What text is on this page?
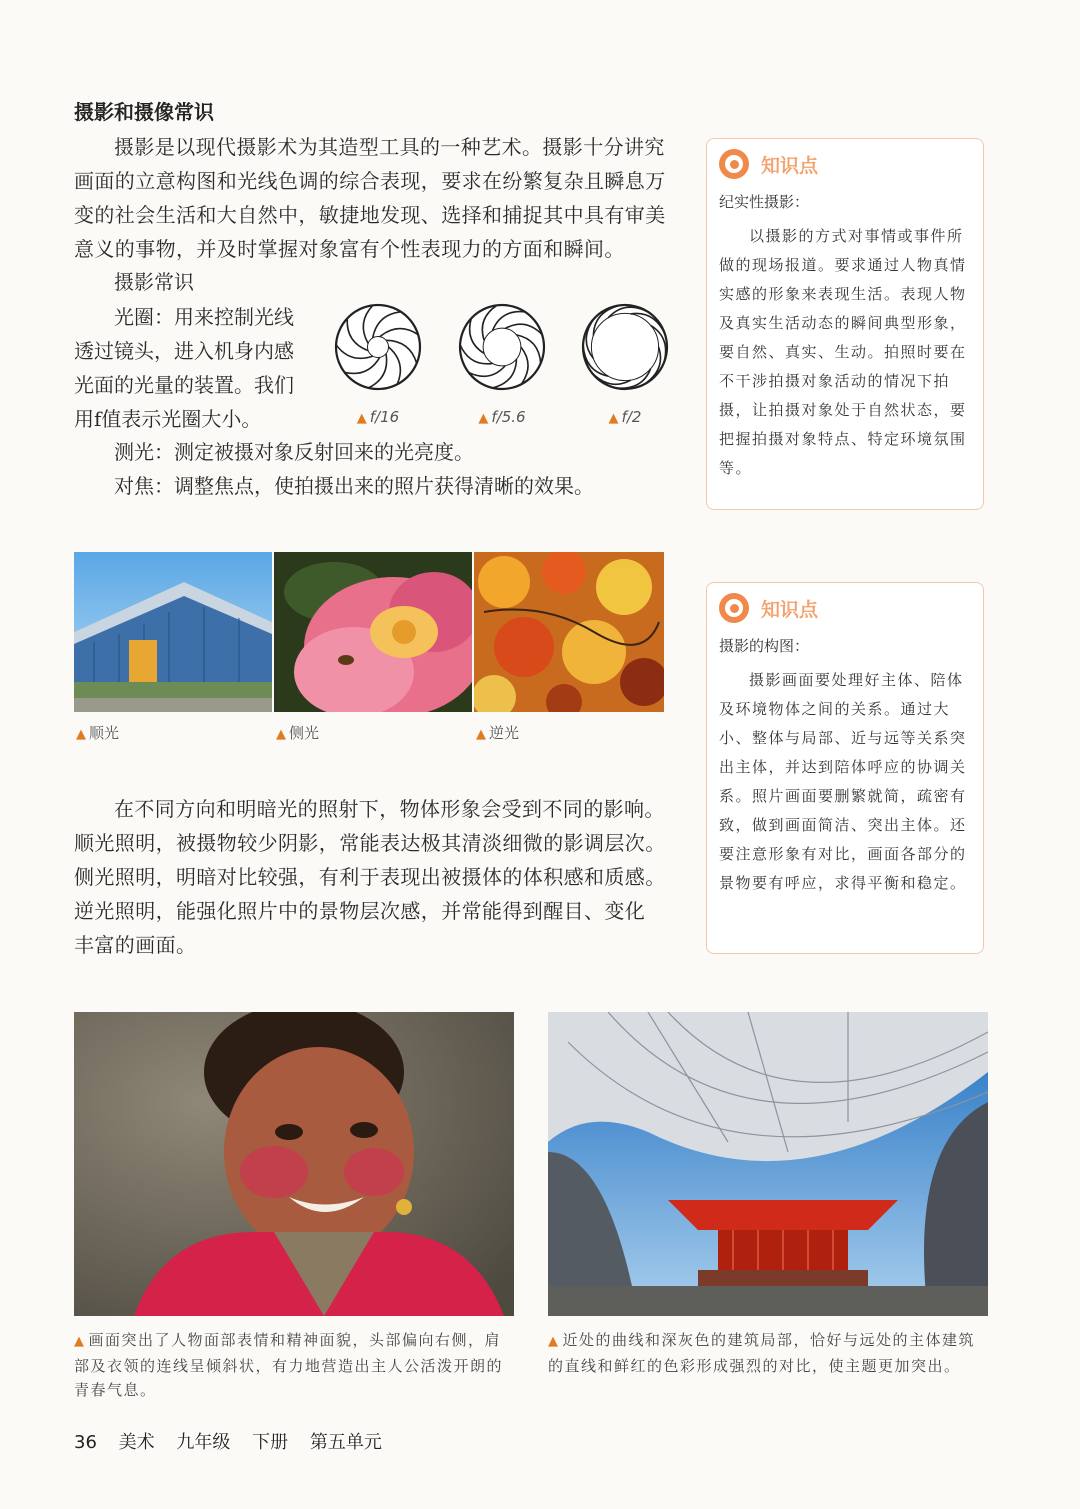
摄影和摄像常识
摄影是以现代摄影术为其造型工具的一种艺术。摄影十分讲究
画面的立意构图和光线色调的综合表现，要求在纷繁复杂且瞬息万
变的社会生活和大自然中，敏捷地发现、选择和捕捉其中具有审美
意义的事物，并及时掌握对象富有个性表现力的方面和瞬间。
摄影常识
光圈：用来控制光线
透过镜头，进入机身内感
光面的光量的装置。我们
用f值表示光圈大小。	▲ f/16	▲ f/5.6	▲ f/2
测光：测定被摄对象反射回来的光亮度。
对焦：调整焦点，使拍摄出来的照片获得清晰的效果。
知识点
纪实性摄影：
以摄影的方式对事情或事件所做的现场报道。要求通过人物真情实感的形象来表现生活。表现人物及真实生活动态的瞬间典型形象，要自然、真实、生动。拍照时要在不干涉拍摄对象活动的情况下拍摄，让拍摄对象处于自然状态，要把握拍摄对象特点、特定环境氛围等。
▲ 顺光	▲ 侧光	▲ 逆光
知识点
摄影的构图：
摄影画面要处理好主体、陪体及环境物体之间的关系。通过大小、整体与局部、近与远等关系突出主体，并达到陪体呼应的协调关系。照片画面要删繁就简，疏密有致，做到画面简洁、突出主体。还要注意形象有对比，画面各部分的景物要有呼应，求得平衡和稳定。
在不同方向和明暗光的照射下，物体形象会受到不同的影响。
顺光照明，被摄物较少阴影，常能表达极其清淡细微的影调层次。
侧光照明，明暗对比较强，有利于表现出被摄体的体积感和质感。
逆光照明，能强化照片中的景物层次感，并常能得到醒目、变化
丰富的画面。
▲ 画面突出了人物面部表情和精神面貌，头部偏向右侧，肩部及衣领的连线呈倾斜状，有力地营造出主人公活泼开朗的青春气息。
▲ 近处的曲线和深灰色的建筑局部，恰好与远处的主体建筑的直线和鲜红的色彩形成强烈的对比，使主题更加突出。
36 美术 九年级 下册 第五单元
